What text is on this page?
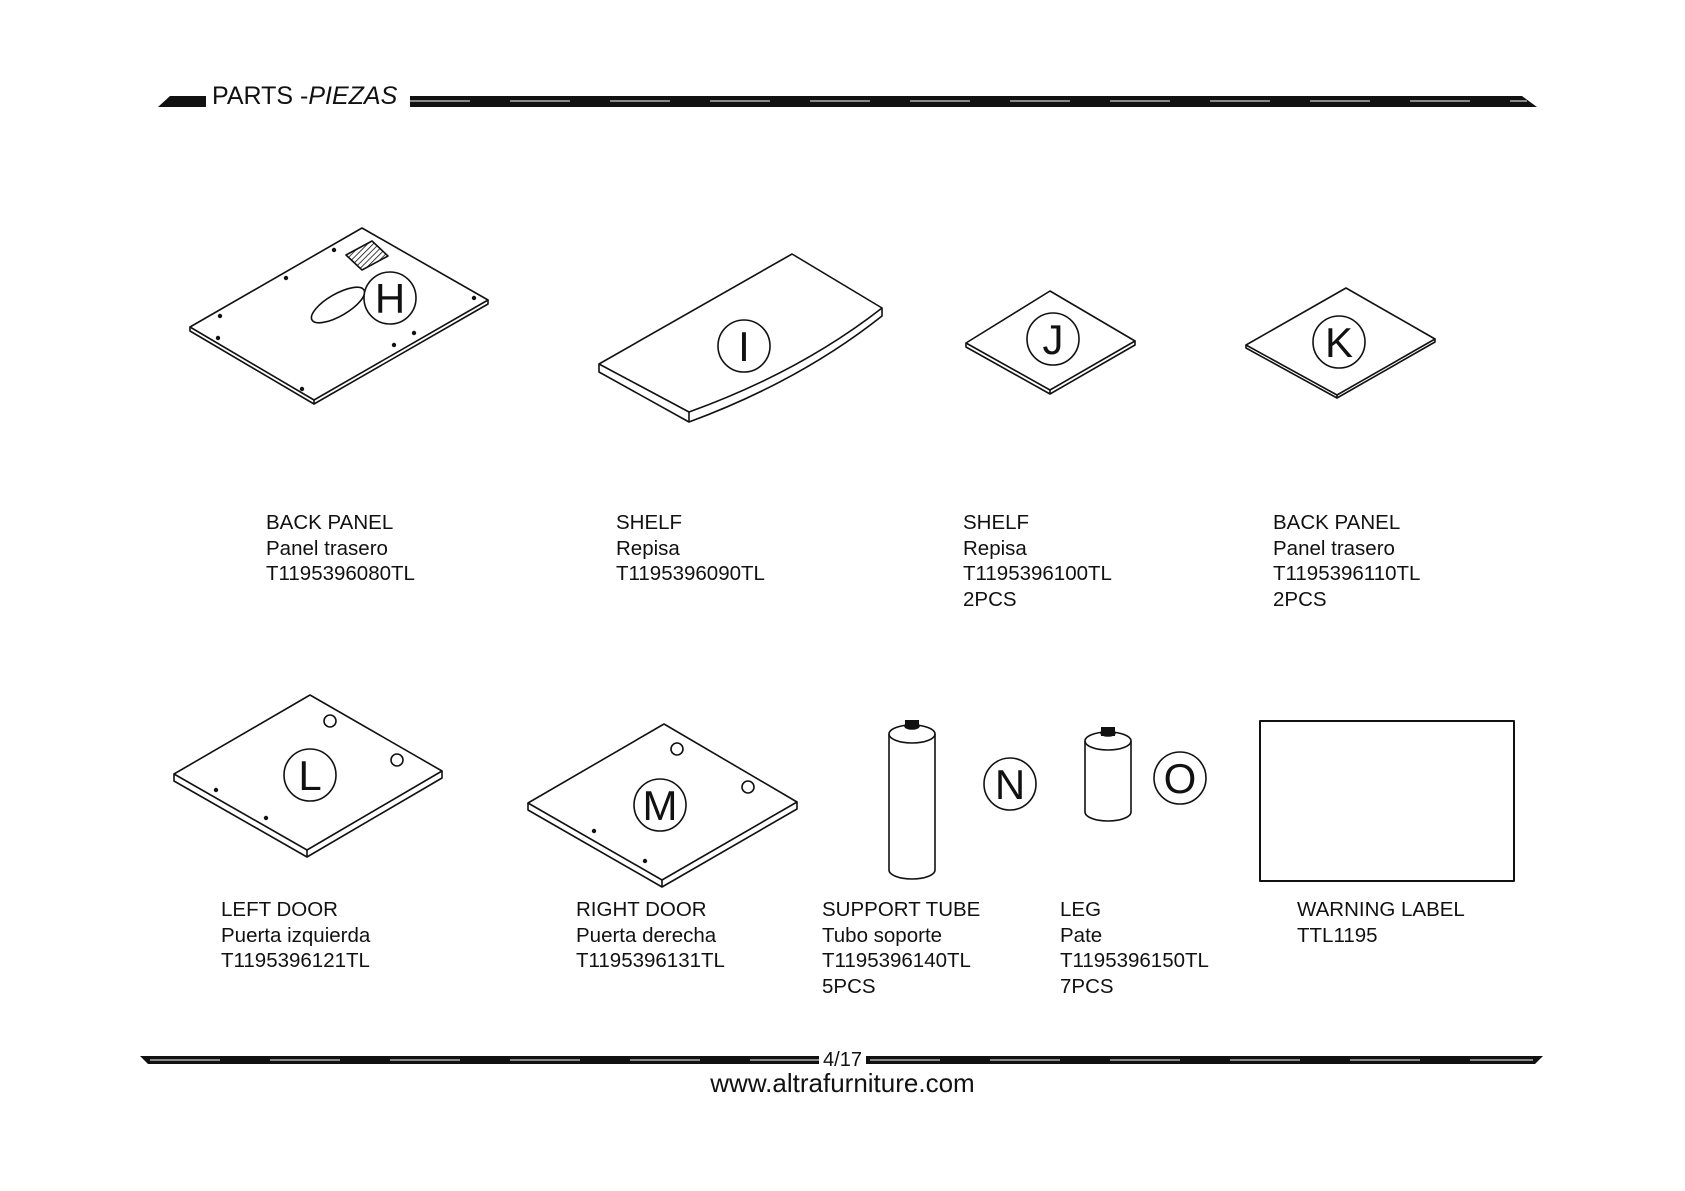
H
I	J	K
L
M	N	O
PARTS -PIEZAS
BACK PANEL
Panel trasero
T1195396080TL
SHELF
Repisa
T1195396090TL
SHELF
Repisa
T1195396100TL
2PCS
BACK PANEL
Panel trasero
T1195396110TL
2PCS
LEFT DOOR
Puerta izquierda
T1195396121TL
RIGHT DOOR
Puerta derecha
T1195396131TL
SUPPORT TUBE
Tubo soporte
T1195396140TL
5PCS
LEG
Pate
T1195396150TL
7PCS
WARNING LABEL
TTL1195
4/17
www.altrafurniture.com
